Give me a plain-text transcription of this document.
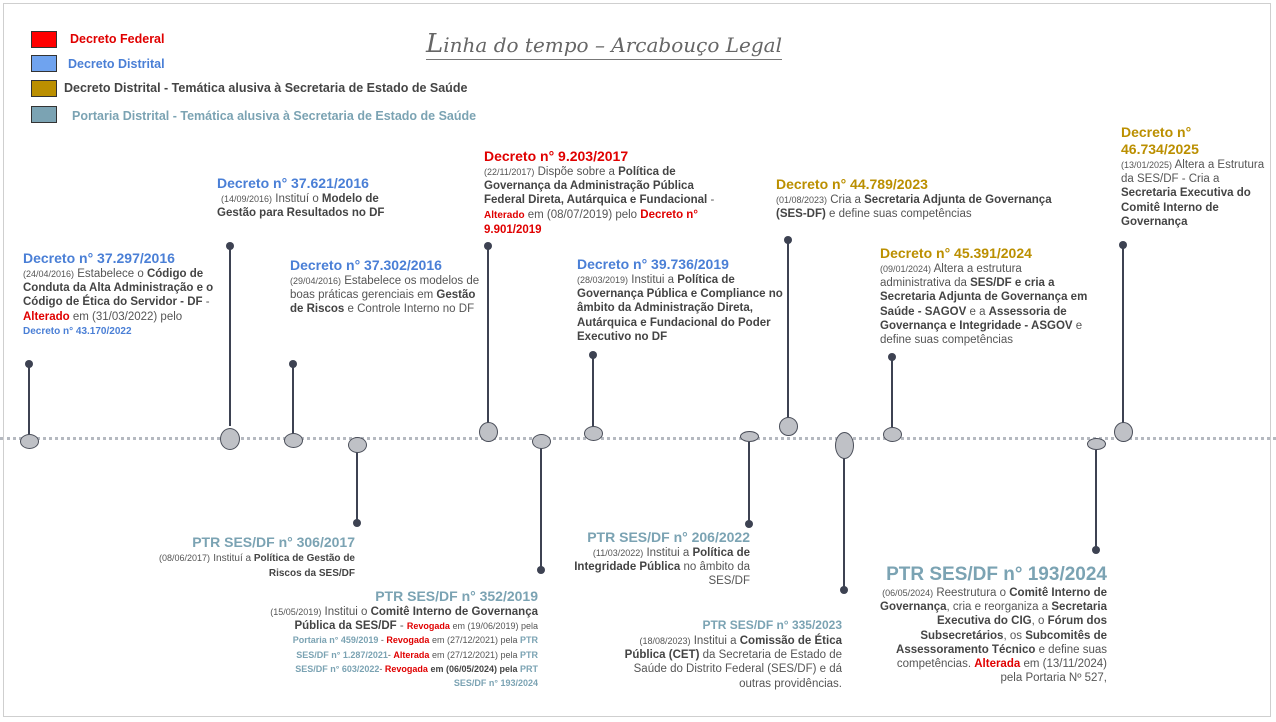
Decreto Federal
Decreto Distrital
Decreto Distrital - Temática alusiva à Secretaria de Estado de Saúde
Portaria Distrital - Temática alusiva à Secretaria de Estado de Saúde
Linha do tempo – Arcabouço Legal
Decreto n° 37.297/2016
(24/04/2016) Estabelece o Código de Conduta da Alta Administração e o Código de Ética do Servidor - DF - Alterado em (31/03/2022) pelo Decreto n° 43.170/2022
Decreto n° 37.621/2016
(14/09/2016) Instituí o Modelo de Gestão para Resultados no DF
Decreto n° 37.302/2016
(29/04/2016) Estabelece os modelos de boas práticas gerenciais em Gestão de Riscos e Controle Interno no DF
Decreto n° 9.203/2017
(22/11/2017) Dispõe sobre a Política de Governança da Administração Pública Federal Direta, Autárquica e Fundacional - Alterado em (08/07/2019) pelo Decreto n° 9.901/2019
Decreto n° 39.736/2019
(28/03/2019) Institui a Política de Governança Pública e Compliance no âmbito da Administração Direta, Autárquica e Fundacional do Poder Executivo no DF
Decreto n° 44.789/2023
(01/08/2023) Cria a Secretaria Adjunta de Governança (SES-DF) e define suas competências
Decreto n° 45.391/2024
(09/01/2024) Altera a estrutura administrativa da SES/DF e cria a Secretaria Adjunta de Governança em Saúde - SAGOV e a Assessoria de Governança e Integridade - ASGOV e define suas competências
Decreto n° 46.734/2025
(13/01/2025) Altera a Estrutura da SES/DF - Cria a Secretaria Executiva do Comitê Interno de Governança
PTR SES/DF n° 306/2017
(08/06/2017) Instituí a Política de Gestão de Riscos da SES/DF
PTR SES/DF n° 352/2019
(15/05/2019) Institui o Comitê Interno de Governança Pública da SES/DF - Revogada em (19/06/2019) pela Portaria n° 459/2019 - Revogada em (27/12/2021) pela PTR SES/DF n° 1.287/2021- Alterada em (27/12/2021) pela PTR SES/DF n° 603/2022- Revogada em (06/05/2024) pela PRT SES/DF n° 193/2024
PTR SES/DF n° 206/2022
(11/03/2022) Institui a Política de Integridade Pública no âmbito da SES/DF
PTR SES/DF n° 335/2023
(18/08/2023) Institui a Comissão de Ética Pública (CET) da Secretaria de Estado de Saúde do Distrito Federal (SES/DF) e dá outras providências.
PTR SES/DF n° 193/2024
(06/05/2024) Reestrutura o Comitê Interno de Governança, cria e reorganiza a Secretaria Executiva do CIG, o Fórum dos Subsecretários, os Subcomitês de Assessoramento Técnico e define suas competências. Alterada em (13/11/2024)
pela Portaria Nº 527,
